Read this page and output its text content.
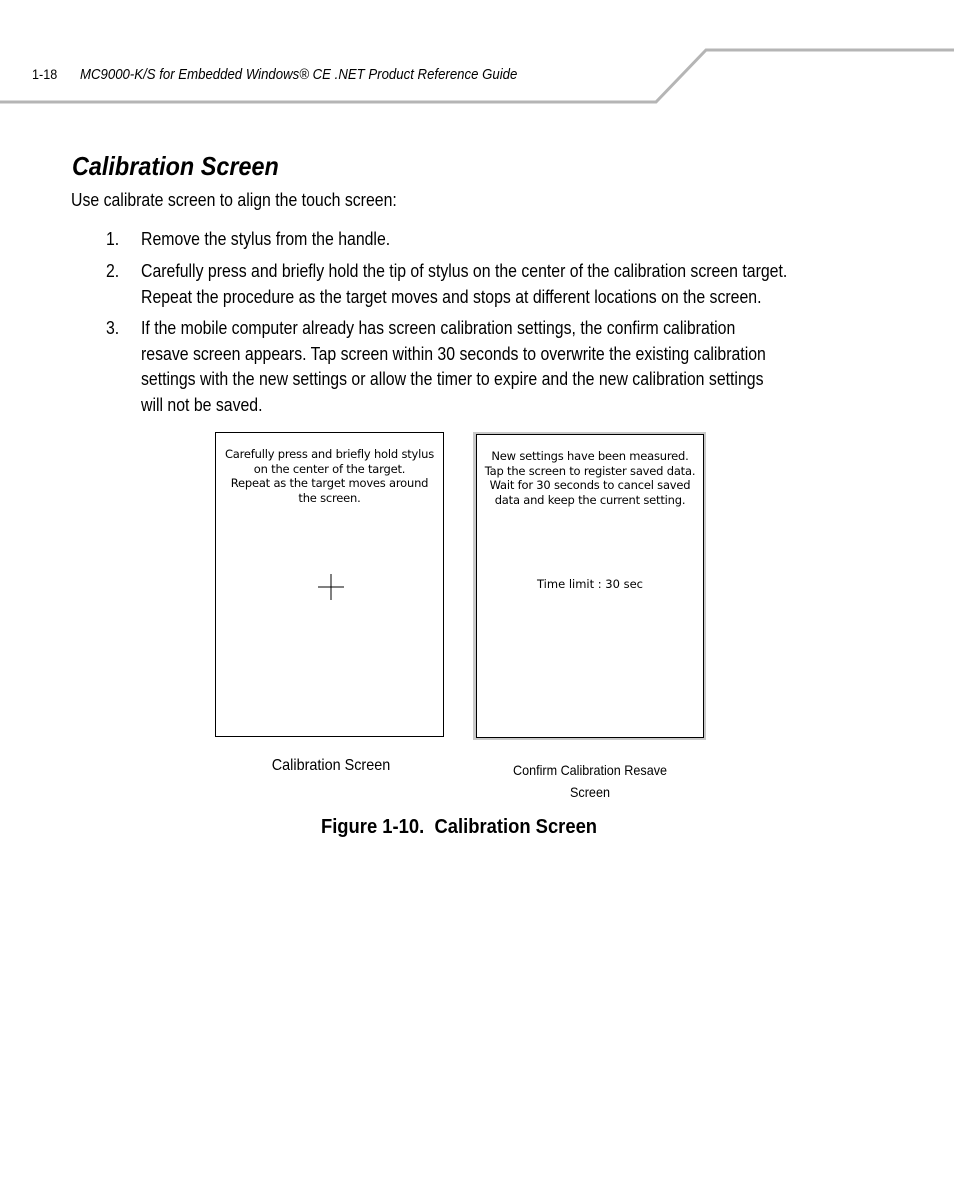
1-18 MC9000-K/S for Embedded Windows® CE .NET Product Reference Guide
Calibration Screen
Use calibrate screen to align the touch screen:
1. Remove the stylus from the handle.
2. Carefully press and briefly hold the tip of stylus on the center of the calibration screen target.
Repeat the procedure as the target moves and stops at different locations on the screen.
3. If the mobile computer already has screen calibration settings, the confirm calibration
resave screen appears. Tap screen within 30 seconds to overwrite the existing calibration
settings with the new settings or allow the timer to expire and the new calibration settings
will not be saved.
Carefully press and briefly hold stylus
on the center of the target.
Repeat as the target moves around
the screen.
New settings have been measured.
Tap the screen to register saved data.
Wait for 30 seconds to cancel saved
data and keep the current setting.
Time limit : 30 sec
Calibration Screen	Confirm Calibration Resave
Screen
Figure 1-10.  Calibration Screen
